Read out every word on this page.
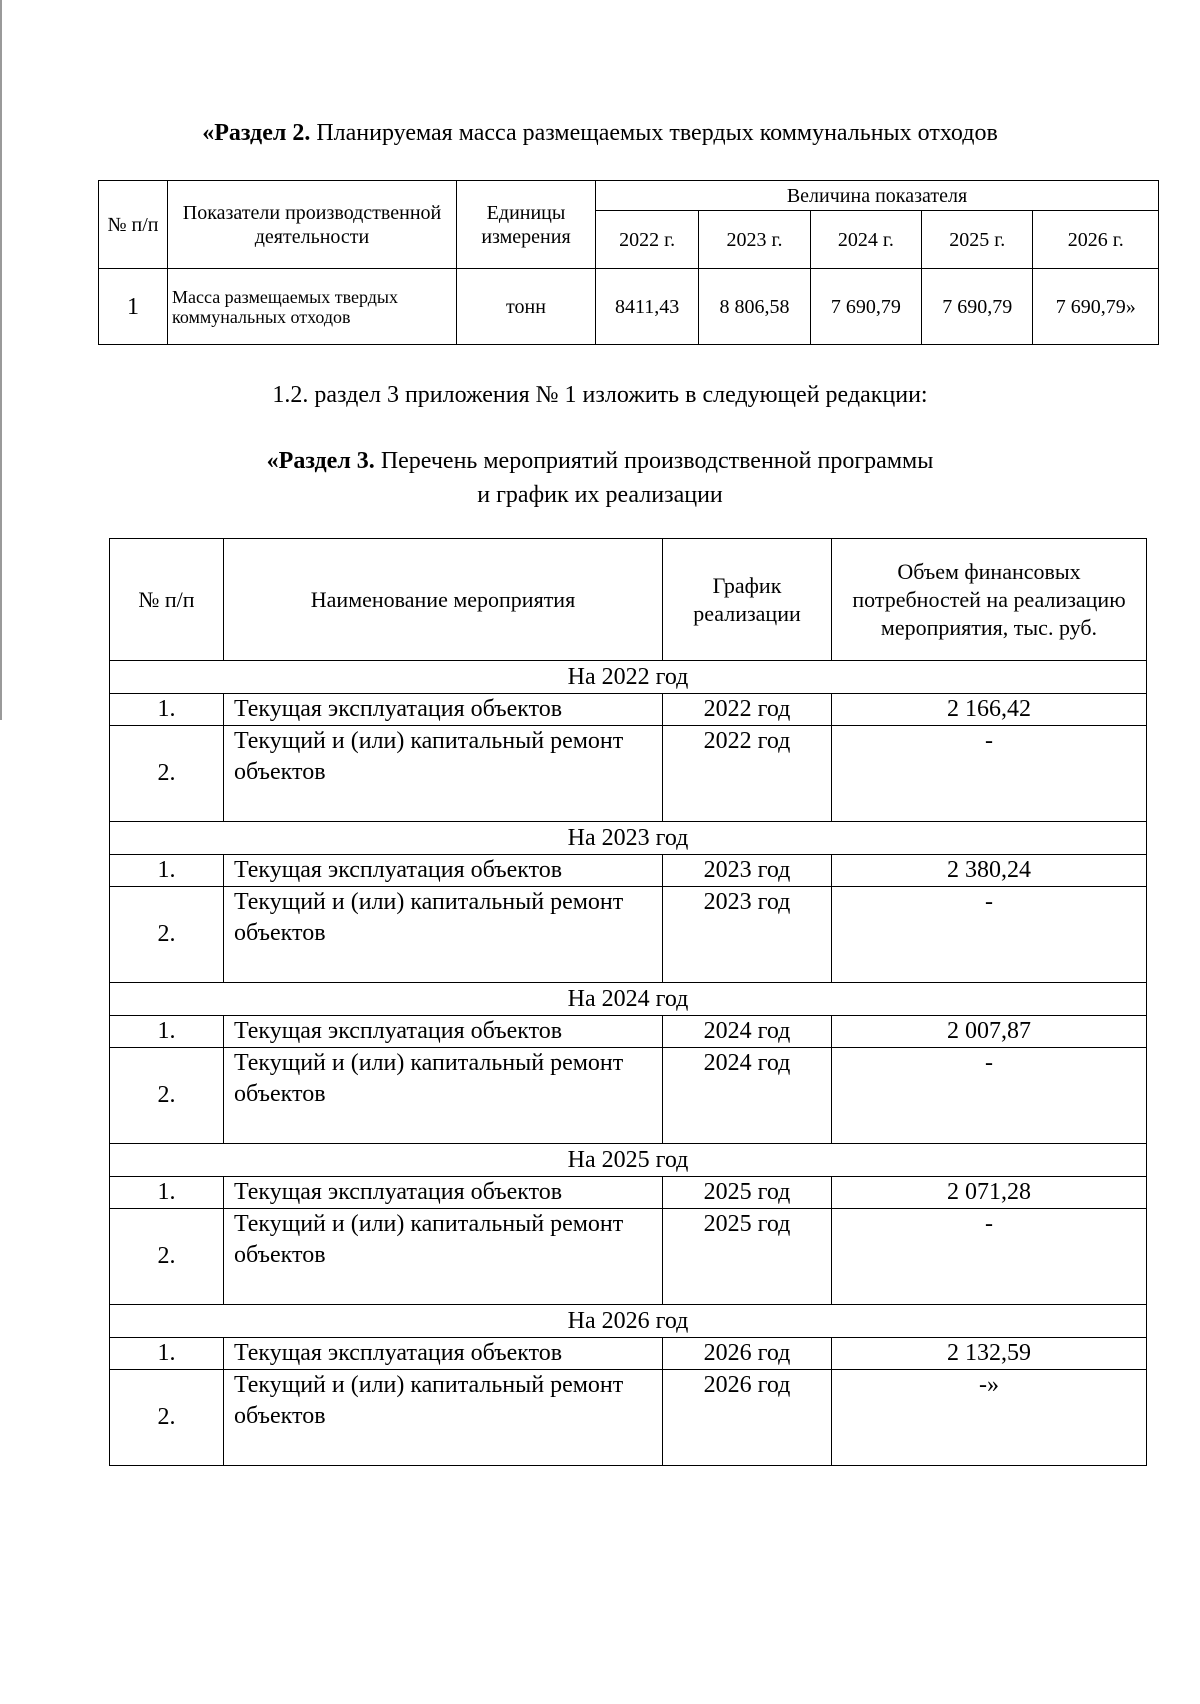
«Раздел 2. Планируемая масса размещаемых твердых коммунальных отходов
№ п/п	Показатели производственной деятельности	Единицы измерения	Величина показателя				
			2022 г.	2023 г.	2024 г.	2025 г.	2026 г.
1	Масса размещаемых твердых коммунальных отходов	тонн	8411,43	8 806,58	7 690,79	7 690,79	7 690,79»
1.2. раздел 3 приложения № 1 изложить в следующей редакции:
«Раздел 3. Перечень мероприятий производственной программы
и график их реализации
№ п/п	Наименование мероприятия	График реализации	Объем финансовых потребностей на реализацию мероприятия, тыс. руб.
На 2022 год			
1.	Текущая эксплуатация объектов	2022 год	2 166,42
2.	Текущий и (или) капитальный ремонт объектов	2022 год	-
На 2023 год			
1.	Текущая эксплуатация объектов	2023 год	2 380,24
2.	Текущий и (или) капитальный ремонт объектов	2023 год	-
На 2024 год			
1.	Текущая эксплуатация объектов	2024 год	2 007,87
2.	Текущий и (или) капитальный ремонт объектов	2024 год	-
На 2025 год			
1.	Текущая эксплуатация объектов	2025 год	2 071,28
2.	Текущий и (или) капитальный ремонт объектов	2025 год	-
На 2026 год			
1.	Текущая эксплуатация объектов	2026 год	2 132,59
2.	Текущий и (или) капитальный ремонт объектов	2026 год	-»
